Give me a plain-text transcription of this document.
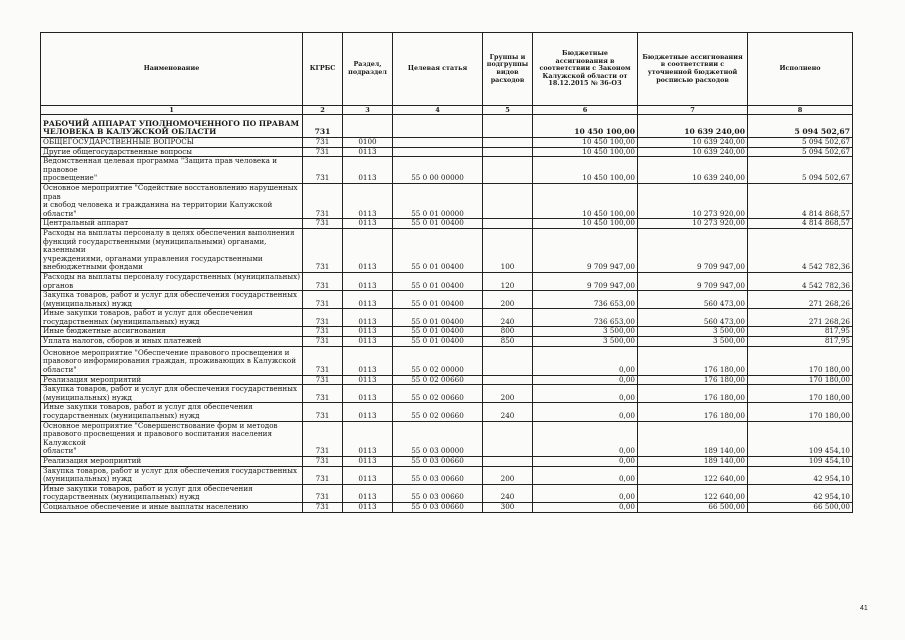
Наименование	КГРБС	Раздел, подраздел	Целевая статья	Группы и подгруппы видов расходов	Бюджетные ассигнования в соответствии с Законом Калужской области от 18.12.2015 № 36-ОЗ	Бюджетные ассигнования в соответствии с уточненной бюджетной росписью расходов	Исполнено
1	2	3	4	5	6	7	8
РАБОЧИЙ АППАРАТ УПОЛНОМОЧЕННОГО ПО ПРАВАМ
ЧЕЛОВЕКА В КАЛУЖСКОЙ ОБЛАСТИ	731				10 450 100,00	10 639 240,00	5 094 502,67
ОБЩЕГОСУДАРСТВЕННЫЕ ВОПРОСЫ	731	0100			10 450 100,00	10 639 240,00	5 094 502,67
Другие общегосударственные вопросы	731	0113			10 450 100,00	10 639 240,00	5 094 502,67
Ведомственная целевая программа "Защита прав человека и правовое
просвещение"	731	0113	55 0 00 00000		10 450 100,00	10 639 240,00	5 094 502,67
Основное мероприятие "Содействие восстановлению нарушенных прав
и свобод человека и гражданина на территории Калужской области"	731	0113	55 0 01 00000		10 450 100,00	10 273 920,00	4 814 868,57
Центральный аппарат	731	0113	55 0 01 00400		10 450 100,00	10 273 920,00	4 814 868,57
Расходы на выплаты персоналу в целях обеспечения выполнения
функций государственными (муниципальными) органами, казенными
учреждениями, органами управления государственными
внебюджетными фондами	731	0113	55 0 01 00400	100	9 709 947,00	9 709 947,00	4 542 782,36
Расходы на выплаты персоналу государственных (муниципальных)
органов	731	0113	55 0 01 00400	120	9 709 947,00	9 709 947,00	4 542 782,36
Закупка товаров, работ и услуг для обеспечения государственных
(муниципальных) нужд	731	0113	55 0 01 00400	200	736 653,00	560 473,00	271 268,26
Иные закупки товаров, работ и услуг для обеспечения
государственных (муниципальных) нужд	731	0113	55 0 01 00400	240	736 653,00	560 473,00	271 268,26
Иные бюджетные ассигнования	731	0113	55 0 01 00400	800	3 500,00	3 500,00	817,95
Уплата налогов, сборов и иных платежей	731	0113	55 0 01 00400	850	3 500,00	3 500,00	817,95
Основное мероприятие "Обеспечение правового просвещения и
правового информирования граждан, проживающих в Калужской
области"	731	0113	55 0 02 00000		0,00	176 180,00	170 180,00
Реализация мероприятий	731	0113	55 0 02 00660		0,00	176 180,00	170 180,00
Закупка товаров, работ и услуг для обеспечения государственных
(муниципальных) нужд	731	0113	55 0 02 00660	200	0,00	176 180,00	170 180,00
Иные закупки товаров, работ и услуг для обеспечения
государственных (муниципальных) нужд	731	0113	55 0 02 00660	240	0,00	176 180,00	170 180,00
Основное мероприятие "Совершенствование форм и методов
правового просвещения и правового воспитания населения Калужской
области"	731	0113	55 0 03 00000		0,00	189 140,00	109 454,10
Реализация мероприятий	731	0113	55 0 03 00660		0,00	189 140,00	109 454,10
Закупка товаров, работ и услуг для обеспечения государственных
(муниципальных) нужд	731	0113	55 0 03 00660	200	0,00	122 640,00	42 954,10
Иные закупки товаров, работ и услуг для обеспечения
государственных (муниципальных) нужд	731	0113	55 0 03 00660	240	0,00	122 640,00	42 954,10
Социальное обеспечение и иные выплаты населению	731	0113	55 0 03 00660	300	0,00	66 500,00	66 500,00
41
